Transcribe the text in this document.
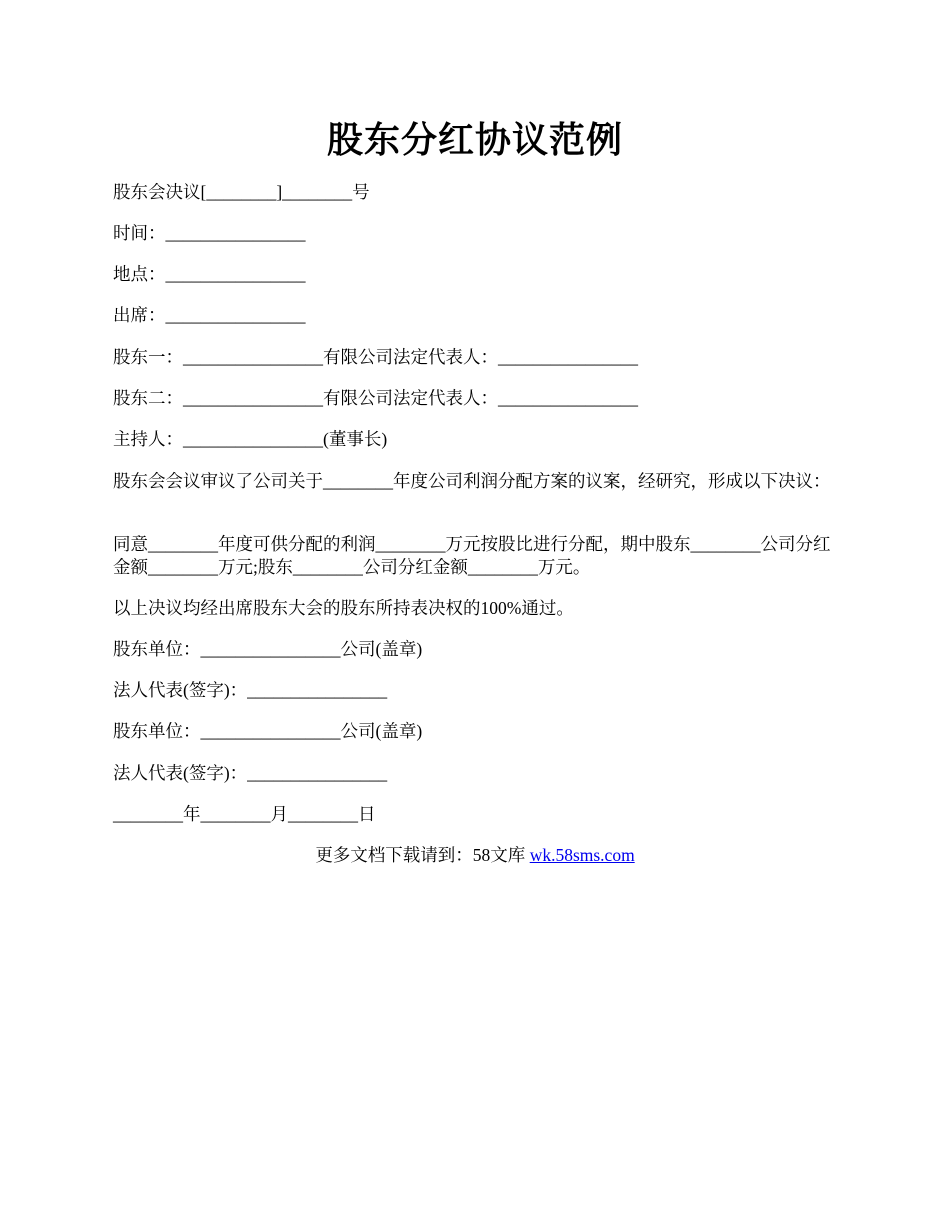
股东分红协议范例
股东会决议[________]________号
时间：________________
地点：________________
出席：________________
股东一：________________有限公司法定代表人：________________
股东二：________________有限公司法定代表人：________________
主持人：________________(董事长)
股东会会议审议了公司关于________年度公司利润分配方案的议案，经研究，形成以下决议：
同意________年度可供分配的利润________万元按股比进行分配，期中股东________公司分红金额________万元;股东________公司分红金额________万元。
以上决议均经出席股东大会的股东所持表决权的100%通过。
股东单位：________________公司(盖章)
法人代表(签字)：________________
股东单位：________________公司(盖章)
法人代表(签字)：________________
________年________月________日
更多文档下载请到：58文库 wk.58sms.com
